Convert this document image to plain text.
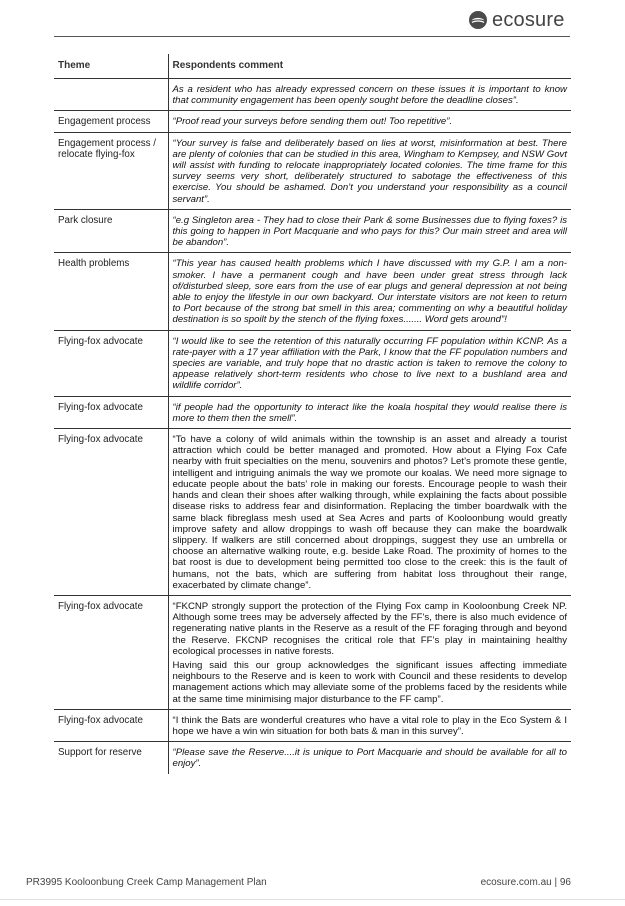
ecosure
Theme	Respondents comment

	As a resident who has already expressed concern on these issues it is important to know that community engagement has been openly sought before the deadline closes”.

Engagement process	“Proof read your surveys before sending them out! Too repetitive”.

Engagement process / relocate flying-fox	“Your survey is false and deliberately based on lies at worst, misinformation at best. There are plenty of colonies that can be studied in this area, Wingham to Kempsey, and NSW Govt will assist with funding to relocate inappropriately located colonies. The time frame for this survey seems very short, deliberately structured to sabotage the effectiveness of this exercise. You should be ashamed. Don’t you understand your responsibility as a council servant”.

Park closure	“e.g Singleton area - They had to close their Park & some Businesses due to flying foxes? is this going to happen in Port Macquarie and who pays for this? Our main street and area will be abandon”.

Health problems	“This year has caused health problems which I have discussed with my G.P. I am a non-smoker. I have a permanent cough and have been under great stress through lack of/disturbed sleep, sore ears from the use of ear plugs and general depression at not being able to enjoy the lifestyle in our own backyard. Our interstate visitors are not keen to return to Port because of the strong bat smell in this area; commenting on why a beautiful holiday destination is so spoilt by the stench of the flying foxes....... Word gets around”!

Flying-fox advocate	“I would like to see the retention of this naturally occurring FF population within KCNP. As a rate-payer with a 17 year affiliation with the Park, I know that the FF population numbers and species are variable, and truly hope that no drastic action is taken to remove the colony to appease relatively short-term residents who chose to live next to a bushland area and wildlife corridor”.

Flying-fox advocate	“if people had the opportunity to interact like the koala hospital they would realise there is more to them then the smell”.

Flying-fox advocate	“To have a colony of wild animals within the township is an asset and already a tourist attraction which could be better managed and promoted. How about a Flying Fox Cafe nearby with fruit specialties on the menu, souvenirs and photos? Let’s promote these gentle, intelligent and intriguing animals the way we promote our koalas. We need more signage to educate people about the bats’ role in making our forests. Encourage people to wash their hands and clean their shoes after walking through, while explaining the facts about possible disease risks to address fear and disinformation. Replacing the timber boardwalk with the same black fibreglass mesh used at Sea Acres and parts of Kooloonbung would greatly improve safety and allow droppings to wash off because they can make the boardwalk slippery. If walkers are still concerned about droppings, suggest they use an umbrella or choose an alternative walking route, e.g. beside Lake Road. The proximity of homes to the bat roost is due to development being permitted too close to the creek: this is the fault of humans, not the bats, which are suffering from habitat loss throughout their range, exacerbated by climate change”.

Flying-fox advocate	“FKCNP strongly support the protection of the Flying Fox camp in Kooloonbung Creek NP. Although some trees may be adversely affected by the FF’s, there is also much evidence of regenerating native plants in the Reserve as a result of the FF foraging through and beyond the Reserve. FKCNP recognises the critical role that FF’s play in maintaining healthy ecological processes in native forests.

Having said this our group acknowledges the significant issues affecting immediate neighbours to the Reserve and is keen to work with Council and these residents to develop management actions which may alleviate some of the problems faced by the residents while at the same time minimising major disturbance to the FF camp”.

Flying-fox advocate	“I think the Bats are wonderful creatures who have a vital role to play in the Eco System & I hope we have a win win situation for both bats & man in this survey”.

Support for reserve	“Please save the Reserve....it is unique to Port Macquarie and should be available for all to enjoy”.

PR3995 Kooloonbung Creek Camp Management Plan	ecosure.com.au | 96
